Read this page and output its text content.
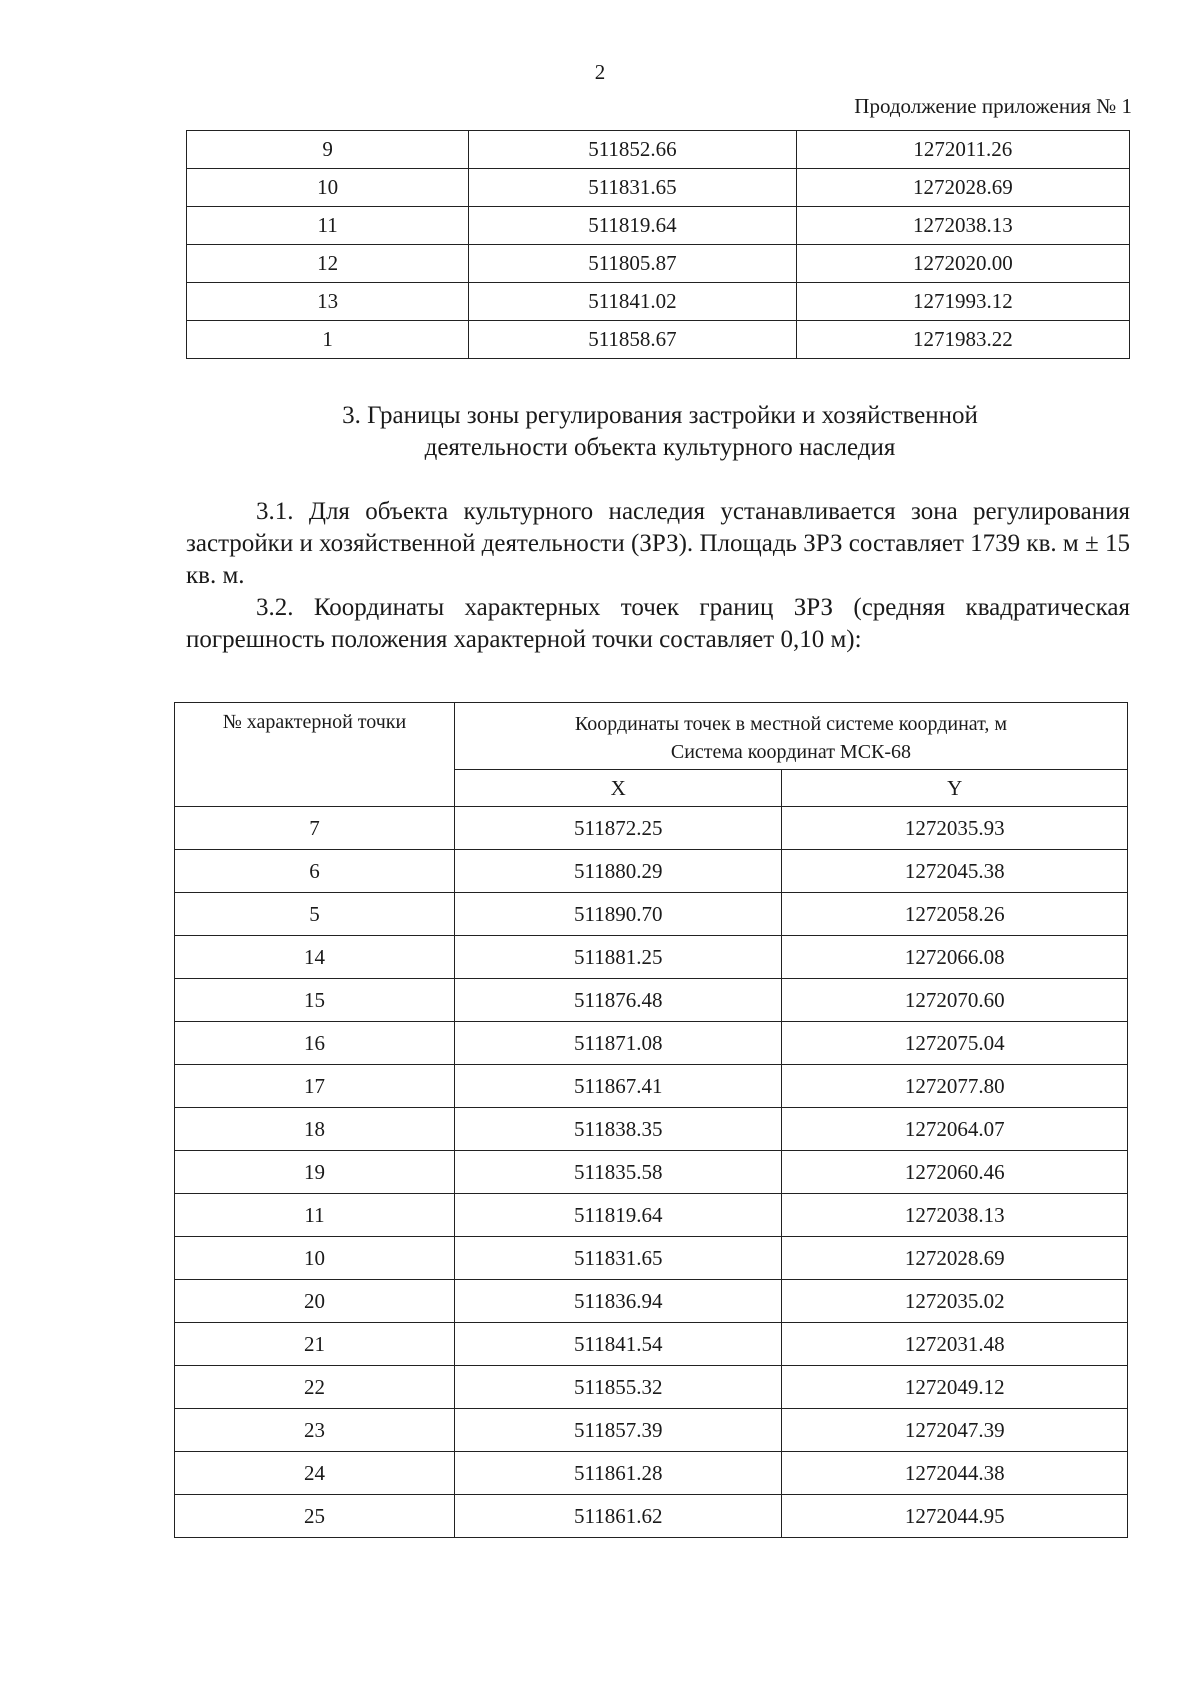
2
Продолжение приложения № 1
9	511852.66	1272011.26
10	511831.65	1272028.69
11	511819.64	1272038.13
12	511805.87	1272020.00
13	511841.02	1271993.12
1	511858.67	1271983.22
3. Границы зоны регулирования застройки и хозяйственной деятельности объекта культурного наследия
3.1. Для объекта культурного наследия устанавливается зона регулирования застройки и хозяйственной деятельности (ЗРЗ). Площадь ЗРЗ составляет 1739 кв. м ± 15 кв. м.
3.2. Координаты характерных точек границ ЗРЗ (средняя квадратическая погрешность положения характерной точки составляет 0,10 м):
№ характерной точки	Координаты точек в местной системе координат, м
Система координат МСК-68	

	X	Y
7	511872.25	1272035.93
6	511880.29	1272045.38
5	511890.70	1272058.26
14	511881.25	1272066.08
15	511876.48	1272070.60
16	511871.08	1272075.04
17	511867.41	1272077.80
18	511838.35	1272064.07
19	511835.58	1272060.46
11	511819.64	1272038.13
10	511831.65	1272028.69
20	511836.94	1272035.02
21	511841.54	1272031.48
22	511855.32	1272049.12
23	511857.39	1272047.39
24	511861.28	1272044.38
25	511861.62	1272044.95
